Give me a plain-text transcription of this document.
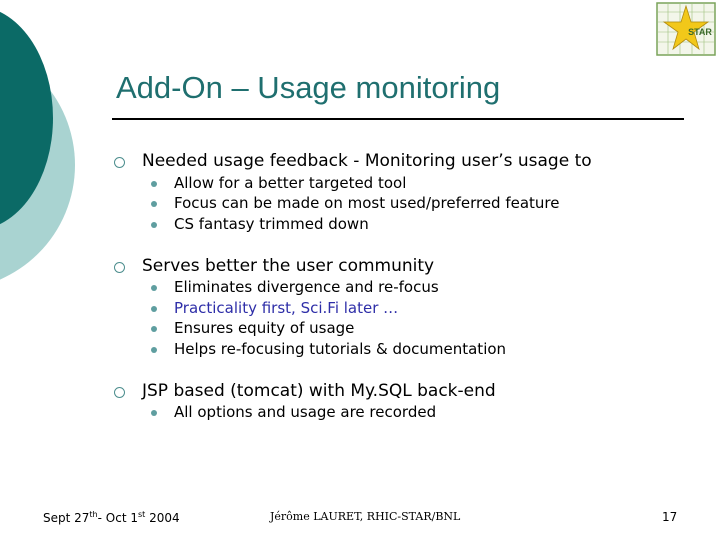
STAR
Add-On – Usage monitoring
Needed usage feedback - Monitoring user’s usage to
Allow for a better targeted tool
Focus can be made on most used/preferred feature
CS fantasy trimmed down
Serves better the user community
Eliminates divergence and re-focus
Practicality first, Sci.Fi later …
Ensures equity of usage
Helps re-focusing tutorials & documentation
JSP based (tomcat) with My.SQL back-end
All options and usage are recorded
Sept 27th- Oct 1st 2004	Jérôme LAURET, RHIC-STAR/BNL	17
